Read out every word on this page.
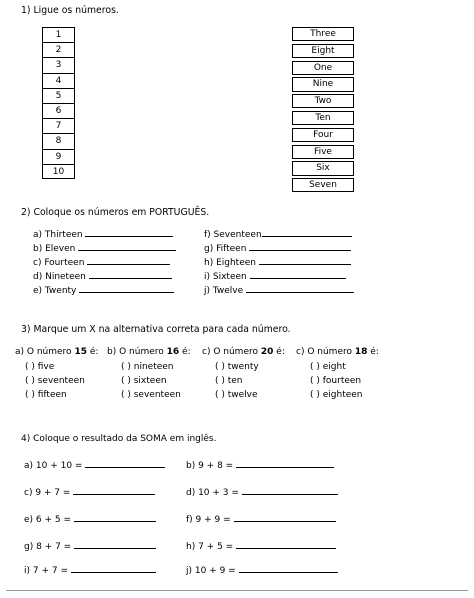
1) Ligue os números.
1
2
3
4
5
6
7
8
9
10
Three
Eight
One
Nine
Two
Ten
Four
Five
Six
Seven
2) Coloque os números em PORTUGUÊS.
a) Thirteen
b) Eleven
c) Fourteen
d) Nineteen
e) Twenty
f) Seventeen
g) Fifteen
h) Eighteen
i) Sixteen
j) Twelve
3) Marque um X na alternativa correta para cada número.
a) O número 15 é: b) O número 16 é: c) O número 20 é: c) O número 18 é:
( ) five
( ) seventeen
( ) fifteen
( ) nineteen
( ) sixteen
( ) seventeen
( ) twenty
( ) ten
( ) twelve
( ) eight
( ) fourteen
( ) eighteen
4) Coloque o resultado da SOMA em inglês.
a) 10 + 10 =
c) 9 + 7 =
e) 6 + 5 =
g) 8 + 7 =
i) 7 + 7 =
b) 9 + 8 =
d) 10 + 3 =
f) 9 + 9 =
h) 7 + 5 =
j) 10 + 9 =
